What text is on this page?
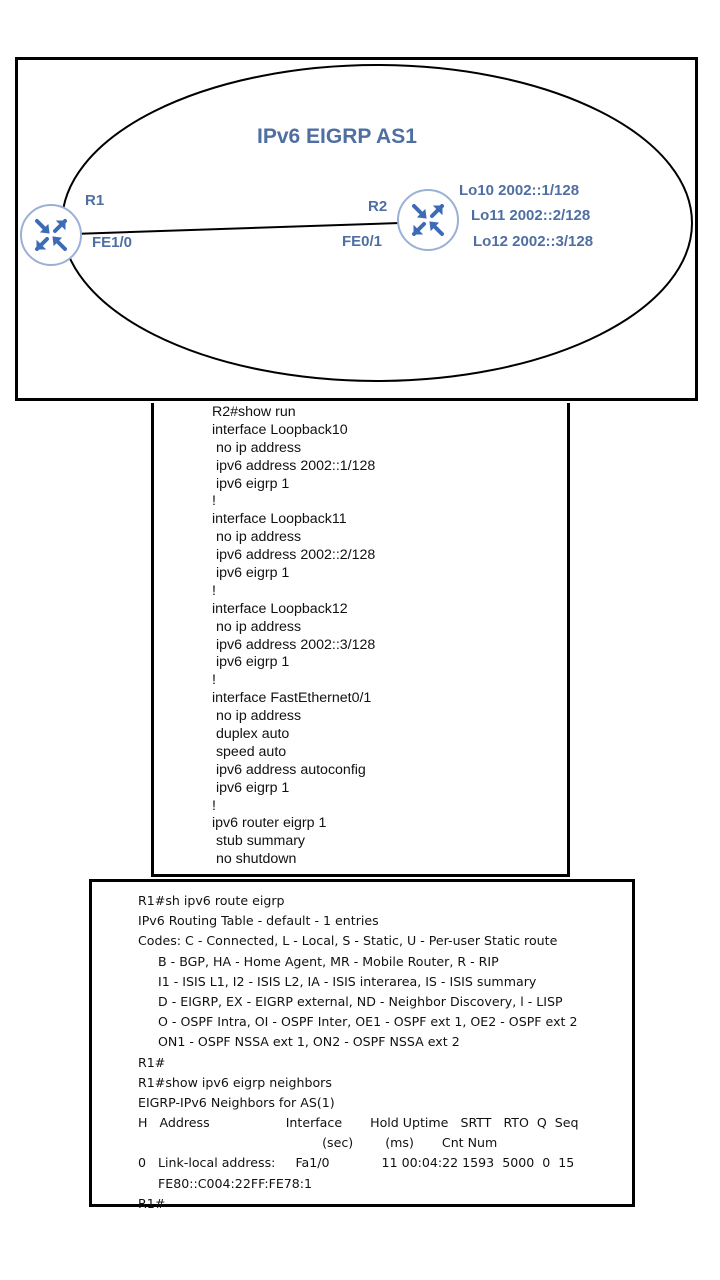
IPv6 EIGRP AS1
R1
FE1/0
R2
FE0/1
Lo10 2002::1/128
Lo11 2002::2/128
Lo12 2002::3/128
R2#show run
interface Loopback10
no ip address
ipv6 address 2002::1/128
ipv6 eigrp 1
!
interface Loopback11
no ip address
ipv6 address 2002::2/128
ipv6 eigrp 1
!
interface Loopback12
no ip address
ipv6 address 2002::3/128
ipv6 eigrp 1
!
interface FastEthernet0/1
no ip address
duplex auto
speed auto
ipv6 address autoconfig
ipv6 eigrp 1
!
ipv6 router eigrp 1
stub summary
no shutdown
R1#sh ipv6 route eigrp
IPv6 Routing Table - default - 1 entries
Codes: C - Connected, L - Local, S - Static, U - Per-user Static route
B - BGP, HA - Home Agent, MR - Mobile Router, R - RIP
I1 - ISIS L1, I2 - ISIS L2, IA - ISIS interarea, IS - ISIS summary
D - EIGRP, EX - EIGRP external, ND - Neighbor Discovery, l - LISP
O - OSPF Intra, OI - OSPF Inter, OE1 - OSPF ext 1, OE2 - OSPF ext 2
ON1 - OSPF NSSA ext 1, ON2 - OSPF NSSA ext 2
R1#
R1#show ipv6 eigrp neighbors
EIGRP-IPv6 Neighbors for AS(1)
H   Address                   Interface       Hold Uptime   SRTT   RTO  Q  Seq
(sec)        (ms)       Cnt Num
0   Link-local address:     Fa1/0             11 00:04:22 1593  5000  0  15
FE80::C004:22FF:FE78:1
R1#
